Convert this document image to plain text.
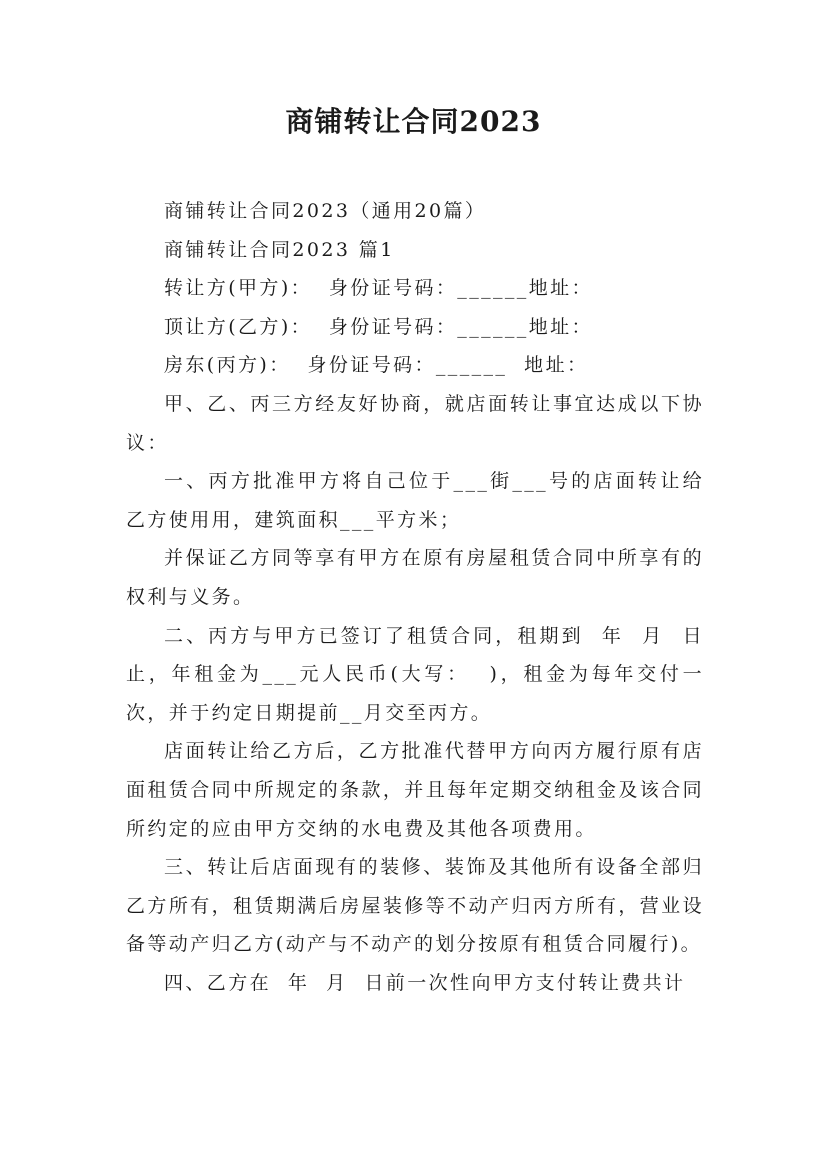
商铺转让合同2023

商铺转让合同2023（通用20篇）

商铺转让合同2023 篇1

转让方(甲方)：  身份证号码：______地址：

顶让方(乙方)：  身份证号码：______地址：

房东(丙方)：  身份证号码：______  地址：

甲、乙、丙三方经友好协商，就店面转让事宜达成以下协议：

一、丙方批准甲方将自己位于___街___号的店面转让给乙方使用用，建筑面积___平方米；

并保证乙方同等享有甲方在原有房屋租赁合同中所享有的权利与义务。

二、丙方与甲方已签订了租赁合同，租期到  年  月  日止，年租金为___元人民币(大写：  )，租金为每年交付一次，并于约定日期提前__月交至丙方。

店面转让给乙方后，乙方批准代替甲方向丙方履行原有店面租赁合同中所规定的条款，并且每年定期交纳租金及该合同所约定的应由甲方交纳的水电费及其他各项费用。

三、转让后店面现有的装修、装饰及其他所有设备全部归乙方所有，租赁期满后房屋装修等不动产归丙方所有，营业设备等动产归乙方(动产与不动产的划分按原有租赁合同履行)。

四、乙方在  年  月  日前一次性向甲方支付转让费共计
